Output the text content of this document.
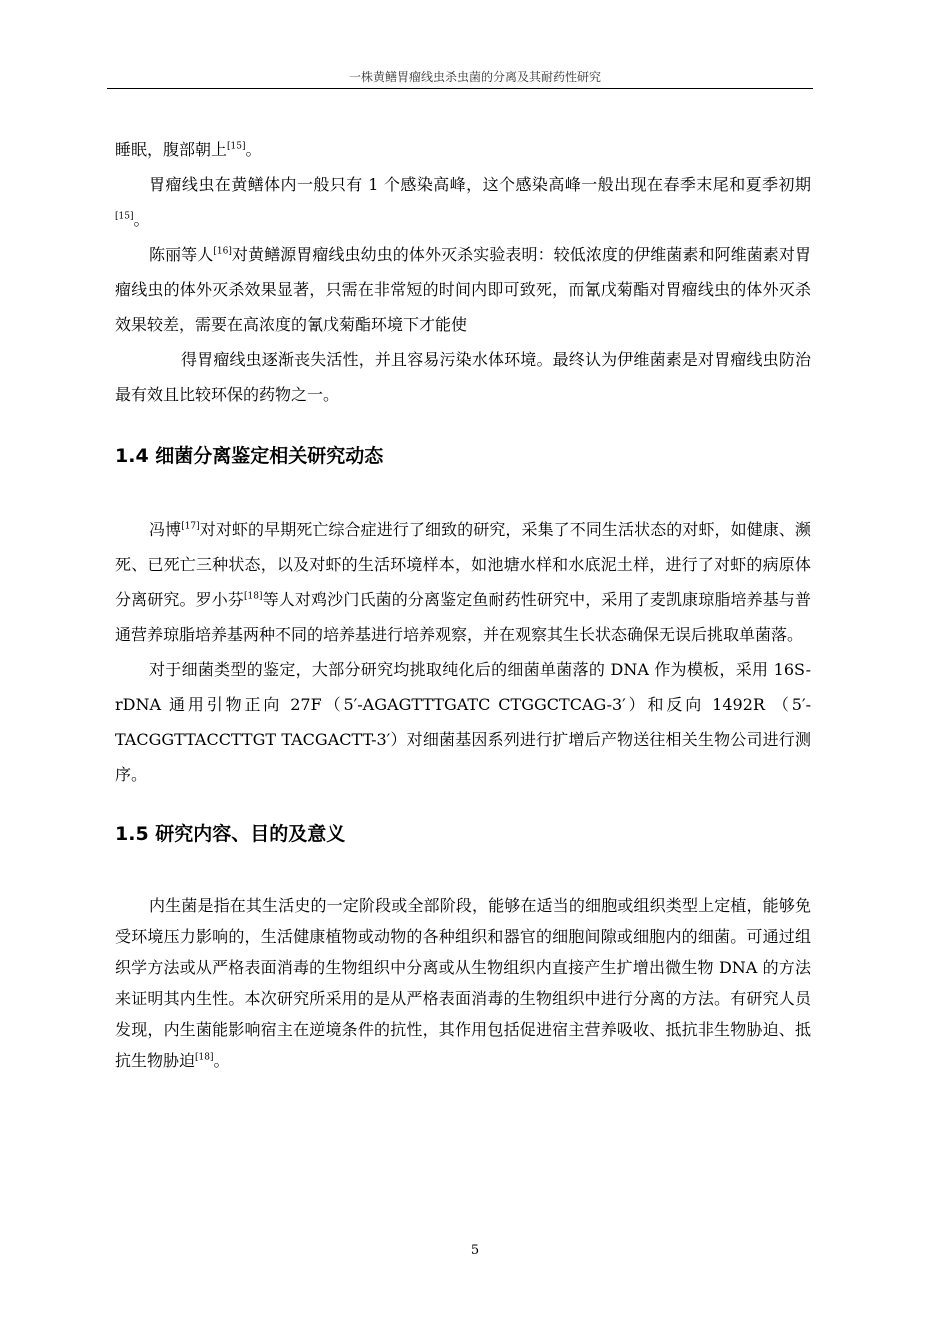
一株黄鳝胃瘤线虫杀虫菌的分离及其耐药性研究

睡眠，腹部朝上[15]。

胃瘤线虫在黄鳝体内一般只有 1 个感染高峰，这个感染高峰一般出现在春季末尾和夏季初期[15]。

陈丽等人[16]对黄鳝源胃瘤线虫幼虫的体外灭杀实验表明：较低浓度的伊维菌素和阿维菌素对胃瘤线虫的体外灭杀效果显著，只需在非常短的时间内即可致死，而氰戊菊酯对胃瘤线虫的体外灭杀效果较差，需要在高浓度的氰戊菊酯环境下才能使

得胃瘤线虫逐渐丧失活性，并且容易污染水体环境。最终认为伊维菌素是对胃瘤线虫防治最有效且比较环保的药物之一。

1.4 细菌分离鉴定相关研究动态

冯博[17]对对虾的早期死亡综合症进行了细致的研究，采集了不同生活状态的对虾，如健康、濒死、已死亡三种状态，以及对虾的生活环境样本，如池塘水样和水底泥土样，进行了对虾的病原体分离研究。罗小芬[18]等人对鸡沙门氏菌的分离鉴定鱼耐药性研究中，采用了麦凯康琼脂培养基与普通营养琼脂培养基两种不同的培养基进行培养观察，并在观察其生长状态确保无误后挑取单菌落。

对于细菌类型的鉴定，大部分研究均挑取纯化后的细菌单菌落的 DNA 作为模板，采用 16S-rDNA 通用引物正向 27F（5′-AGAGTTTGATC CTGGCTCAG-3′）和反向 1492R （5′-TACGGTTACCTTGT TACGACTT-3′）对细菌基因系列进行扩增后产物送往相关生物公司进行测序。

1.5 研究内容、目的及意义

内生菌是指在其生活史的一定阶段或全部阶段，能够在适当的细胞或组织类型上定植，能够免受环境压力影响的，生活健康植物或动物的各种组织和器官的细胞间隙或细胞内的细菌。可通过组织学方法或从严格表面消毒的生物组织中分离或从生物组织内直接产生扩增出微生物 DNA 的方法来证明其内生性。本次研究所采用的是从严格表面消毒的生物组织中进行分离的方法。有研究人员发现，内生菌能影响宿主在逆境条件的抗性，其作用包括促进宿主营养吸收、抵抗非生物胁迫、抵抗生物胁迫[18]。

5
